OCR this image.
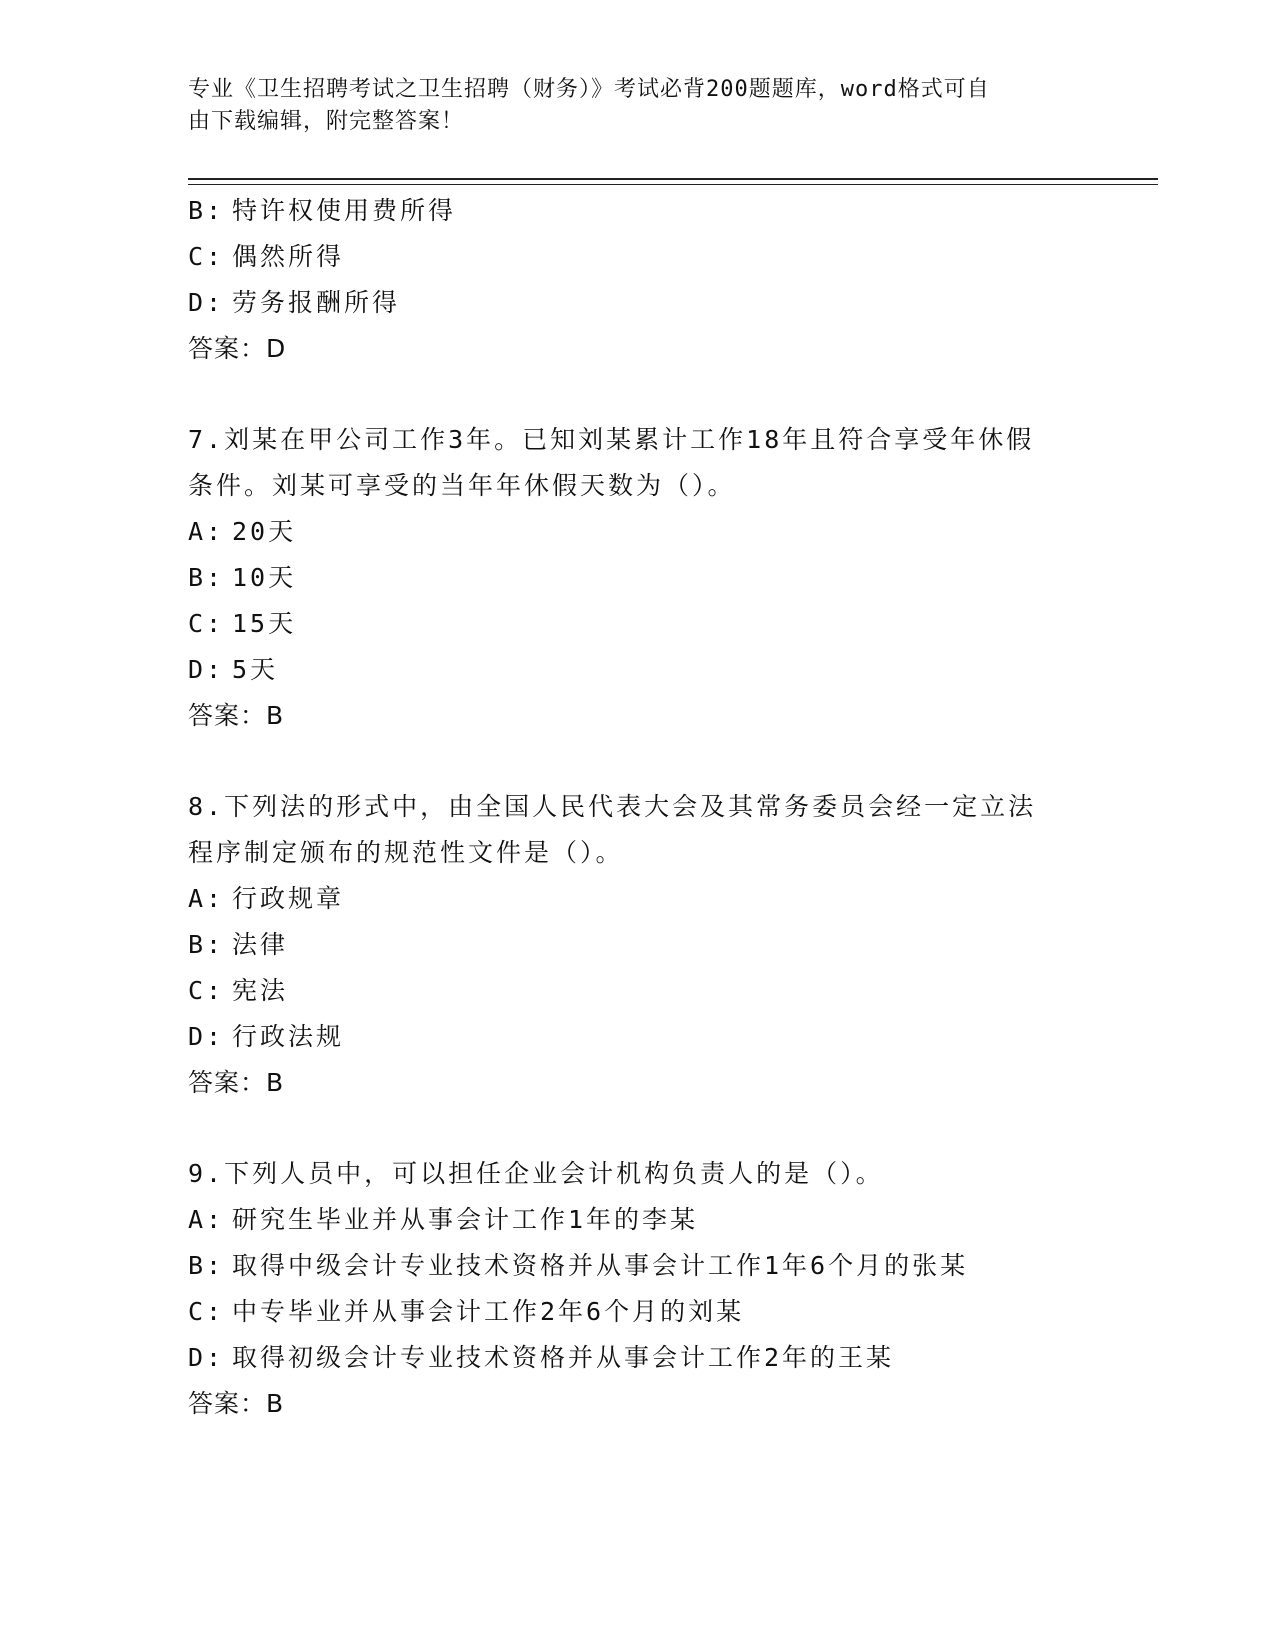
专业《卫生招聘考试之卫生招聘（财务）》考试必背200题题库，word格式可自
由下载编辑，附完整答案！
B: 特许权使用费所得
C: 偶然所得
D: 劳务报酬所得
答案：D
7.刘某在甲公司工作3年。已知刘某累计工作18年且符合享受年休假
条件。刘某可享受的当年年休假天数为（）。
A: 20天
B: 10天
C: 15天
D: 5天
答案：B
8.下列法的形式中，由全国人民代表大会及其常务委员会经一定立法
程序制定颁布的规范性文件是（）。
A: 行政规章
B: 法律
C: 宪法
D: 行政法规
答案：B
9.下列人员中，可以担任企业会计机构负责人的是（）。
A: 研究生毕业并从事会计工作1年的李某
B: 取得中级会计专业技术资格并从事会计工作1年6个月的张某
C: 中专毕业并从事会计工作2年6个月的刘某
D: 取得初级会计专业技术资格并从事会计工作2年的王某
答案：B
